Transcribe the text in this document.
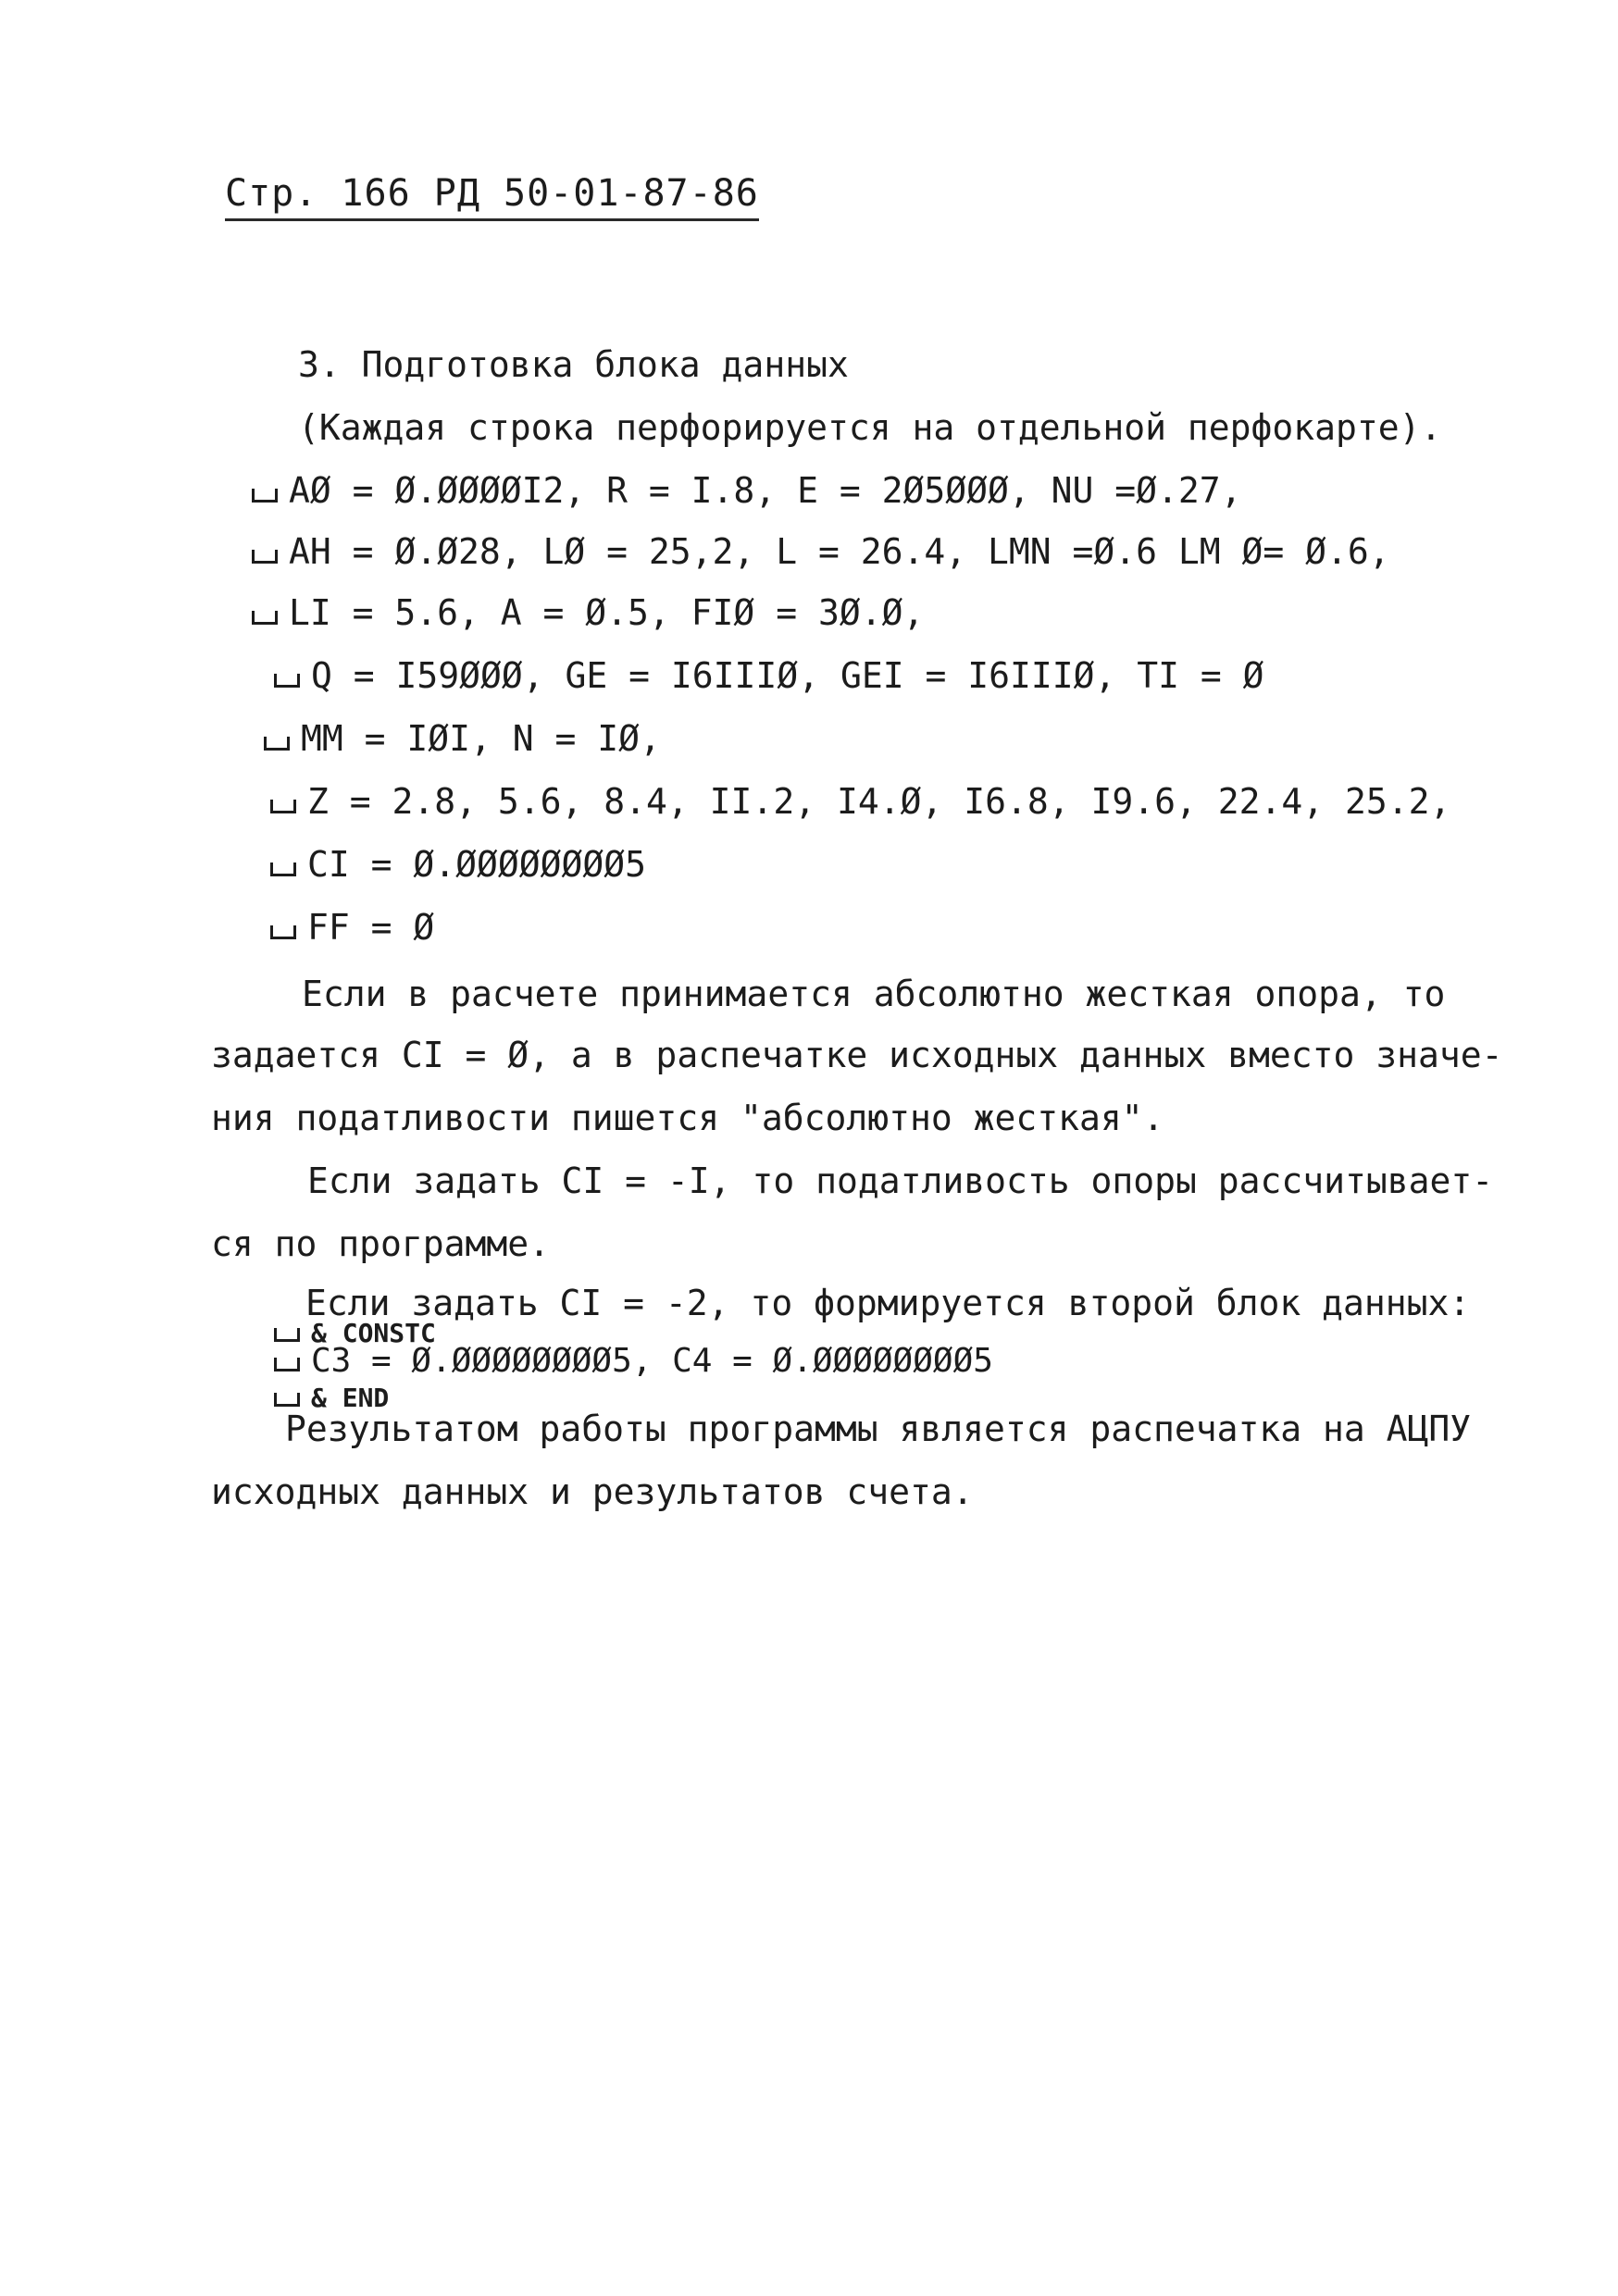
Стр. 166 РД 50-01-87-86
3. Подготовка блока данных
(Каждая строка перфорируется на отдельной перфокарте).
AØ = Ø.ØØØØI2, R = I.8, E = 2Ø5ØØØ, NU =Ø.27,
AH = Ø.Ø28, LØ = 25,2, L = 26.4, LMN =Ø.6 LM Ø= Ø.6,
LI = 5.6, A = Ø.5, FIØ = 3Ø.Ø,
Q = I59ØØØ, GE = I6IIIØ, GEI = I6IIIØ, TI = Ø
MM = IØI, N = IØ,
Z = 2.8, 5.6, 8.4, II.2, I4.Ø, I6.8, I9.6, 22.4, 25.2,
CI = Ø.ØØØØØØØØ5
FF = Ø
Если в расчете принимается абсолютно жесткая опора, то
задается CI = Ø, а в распечатке исходных данных вместо значе-
ния податливости пишется "абсолютно жесткая".
Если задать CI = -I, то податливость опоры рассчитывает-
ся по программе.
Если задать CI = -2, то формируется второй блок данных:
& CONSTC
C3 = Ø.ØØØØØØØØ5, C4 = Ø.ØØØØØØØØ5
& END
Результатом работы программы является распечатка на АЦПУ
исходных данных и результатов счета.
